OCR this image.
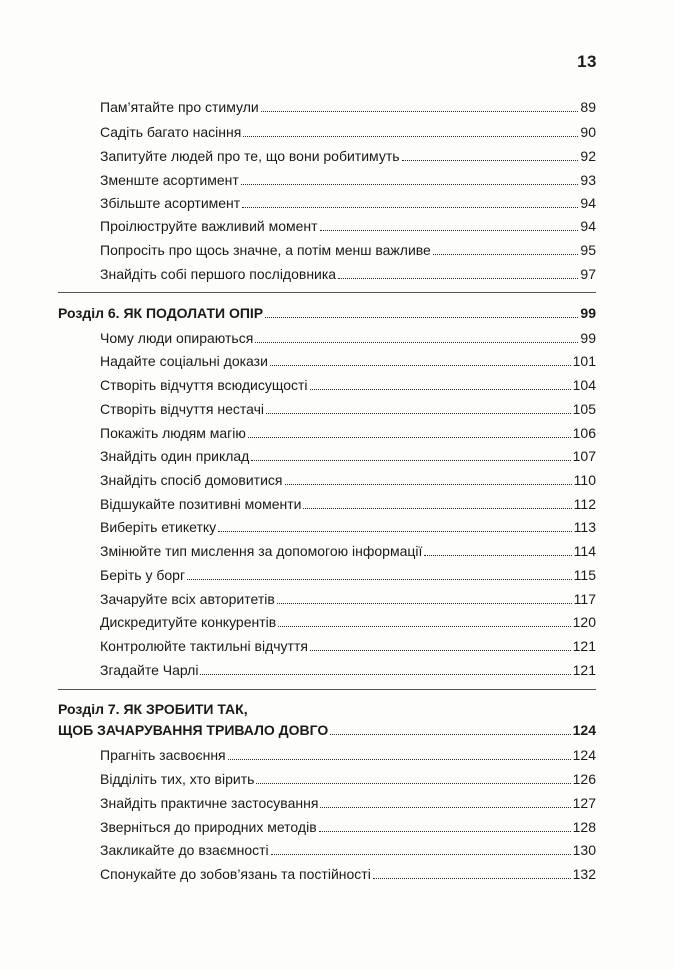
13
Пам’ятайте про стимули	89
Садіть багато насіння	90
Запитуйте людей про те, що вони робитимуть	92
Зменште асортимент	93
Збільште асортимент	94
Проілюструйте важливий момент	94
Попросіть про щось значне, а потім менш важливе	95
Знайдіть собі першого послідовника	97
Розділ 6. ЯК ПОДОЛАТИ ОПІР	99
Чому люди опираються	99
Надайте соціальні докази	101
Створіть відчуття всюдисущості	104
Створіть відчуття нестачі	105
Покажіть людям магію	106
Знайдіть один приклад	107
Знайдіть спосіб домовитися	110
Відшукайте позитивні моменти	112
Виберіть етикетку	113
Змінюйте тип мислення за допомогою інформації	114
Беріть у борг	115
Зачаруйте всіх авторитетів	117
Дискредитуйте конкурентів	120
Контролюйте тактильні відчуття	121
Згадайте Чарлі	121
Розділ 7. ЯК ЗРОБИТИ ТАК,
ЩОБ ЗАЧАРУВАННЯ ТРИВАЛО ДОВГО	124
Прагніть засвоєння	124
Відділіть тих, хто вірить	126
Знайдіть практичне застосування	127
Зверніться до природних методів	128
Закликайте до взаємності	130
Спонукайте до зобов’язань та постійності	132
